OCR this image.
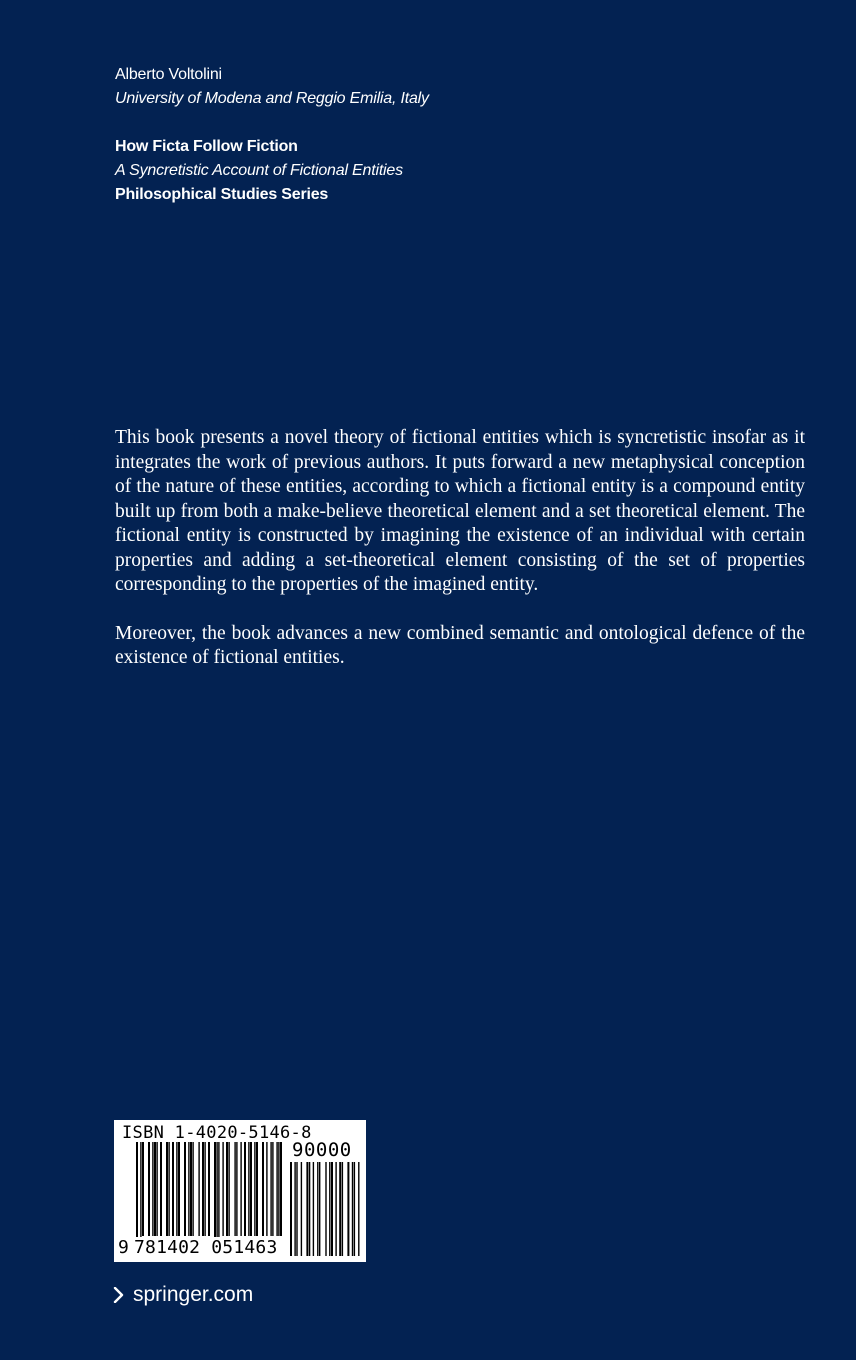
Alberto Voltolini
University of Modena and Reggio Emilia, Italy
How Ficta Follow Fiction
A Syncretistic Account of Fictional Entities
Philosophical Studies Series

This book presents a novel theory of fictional entities which is syncretistic insofar as it integrates the work of previous authors. It puts forward a new metaphysical conception of the nature of these entities, according to which a fictional entity is a compound entity built up from both a make-believe theoretical element and a set theoretical element. The fictional entity is constructed by imagining the existence of an individual with certain properties and adding a set-theoretical element consisting of the set of properties corresponding to the properties of the imagined entity.

Moreover, the book advances a new combined semantic and ontological defence of the existence of fictional entities.

ISBN 1-4020-5146-8
90000
9 781402 051463
springer.com
